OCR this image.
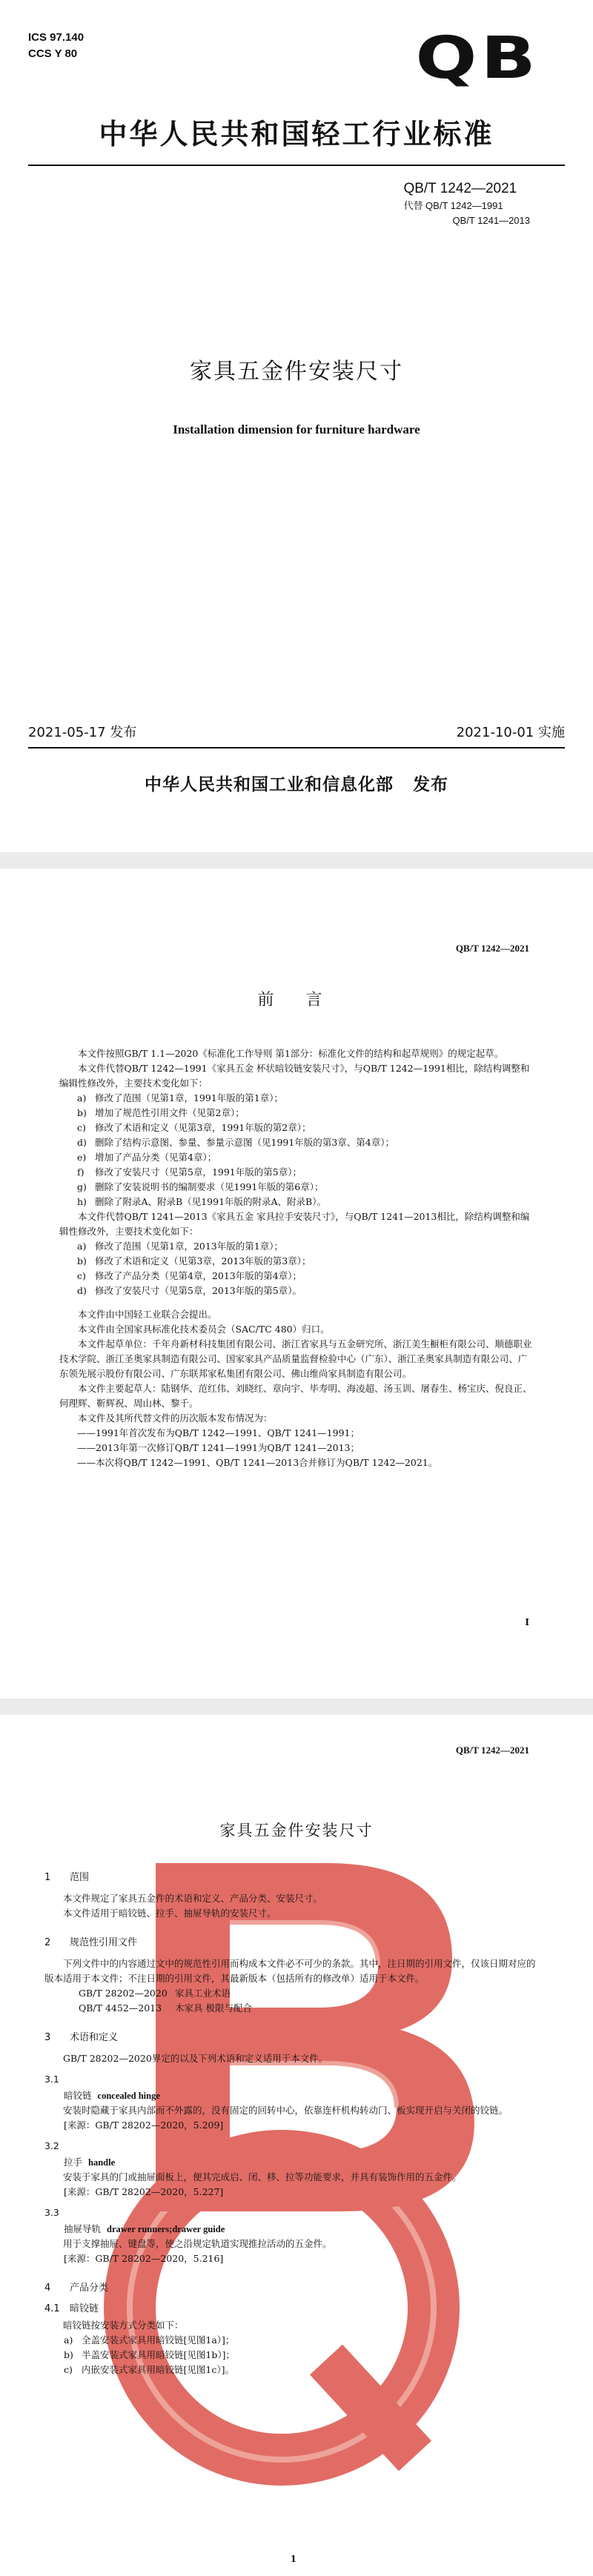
ICS 97.140
CCS Y 80	QB
中华人民共和国轻工行业标准
QB/T 1242—2021
代替 QB/T 1242—1991
QB/T 1241—2013
家具五金件安装尺寸
Installation dimension for furniture hardware
2021-05-17 发布	2021-10-01 实施
中华人民共和国工业和信息化部 发布
QB/T 1242—2021
前 言

本文件按照GB/T 1.1—2020《标准化工作导则 第1部分：标准化文件的结构和起草规则》的规定起草。

本文件代替QB/T 1242—1991《家具五金 杯状暗铰链安装尺寸》，与QB/T 1242—1991相比，除结构调整和编辑性修改外，主要技术变化如下：

a) 修改了范围（见第1章，1991年版的第1章）；
b) 增加了规范性引用文件（见第2章）；
c) 修改了术语和定义（见第3章，1991年版的第2章）；
d) 删除了结构示意图、参量、参量示意图（见1991年版的第3章、第4章）；
e) 增加了产品分类（见第4章）；
f) 修改了安装尺寸（见第5章，1991年版的第5章）；
g) 删除了安装说明书的编制要求（见1991年版的第6章）；
h) 删除了附录A、附录B（见1991年版的附录A、附录B）。

本文件代替QB/T 1241—2013《家具五金 家具拉手安装尺寸》，与QB/T 1241—2013相比，除结构调整和编辑性修改外，主要技术变化如下：

a) 修改了范围（见第1章，2013年版的第1章）；
b) 修改了术语和定义（见第3章，2013年版的第3章）；
c) 修改了产品分类（见第4章，2013年版的第4章）；
d) 修改了安装尺寸（见第5章，2013年版的第5章）。

本文件由中国轻工业联合会提出。

本文件由全国家具标准化技术委员会（SAC/TC 480）归口。

本文件起草单位：千年舟新材科技集团有限公司、浙江省家具与五金研究所、浙江美生橱柜有限公司、顺德职业技术学院、浙江圣奥家具制造有限公司、国家家具产品质量监督检验中心（广东）、浙江圣奥家具制造有限公司、广东领先展示股份有限公司、广东联邦家私集团有限公司、佛山维尚家具制造有限公司。

本文件主要起草人：陆钢华、范红伟、刘晓红、章向宇、毕寿明、海凌超、汤玉训、屠春生、杨宝庆、倪良正、何理辉、靳辉祝、周山林、黎千。

本文件及其所代替文件的历次版本发布情况为：

——1991年首次发布为QB/T 1242—1991、QB/T 1241—1991；
——2013年第一次修订QB/T 1241—1991为QB/T 1241—2013；
——本次将QB/T 1242—1991、QB/T 1241—2013合并修订为QB/T 1242—2021。
I
QB/T 1242—2021
家具五金件安装尺寸
1 范围

本文件规定了家具五金件的术语和定义、产品分类、安装尺寸。

本文件适用于暗铰链、拉手、抽屉导轨的安装尺寸。

2 规范性引用文件

下列文件中的内容通过文中的规范性引用而构成本文件必不可少的条款。其中，注日期的引用文件，仅该日期对应的版本适用于本文件；不注日期的引用文件，其最新版本（包括所有的修改单）适用于本文件。

GB/T 28202—2020 家具工业术语
QB/T 4452—2013 木家具 极限与配合
3 术语和定义

GB/T 28202—2020界定的以及下列术语和定义适用于本文件。

3.1
暗铰链 concealed hinge

安装时隐藏于家具内部而不外露的，没有固定的回转中心，依靠连杆机构转动门、板实现开启与关闭的铰链。

[来源：GB/T 28202—2020，5.209]
3.2
拉手 handle

安装于家具的门或抽屉面板上，便其完成启、闭、移、拉等功能要求，并具有装饰作用的五金件。

[来源：GB/T 28202—2020，5.227]
3.3
抽屉导轨 drawer runners;drawer guide

用于支撑抽屉、键盘等，使之沿规定轨道实现推拉活动的五金件。

[来源：GB/T 28202—2020，5.216]
4 产品分类
4.1 暗铰链

暗铰链按安装方式分类如下：

a) 全盖安装式家具用暗铰链[见图1a）]；
b) 半盖安装式家具用暗铰链[见图1b）]；
c) 内嵌安装式家具用暗铰链[见图1c）]。
1
